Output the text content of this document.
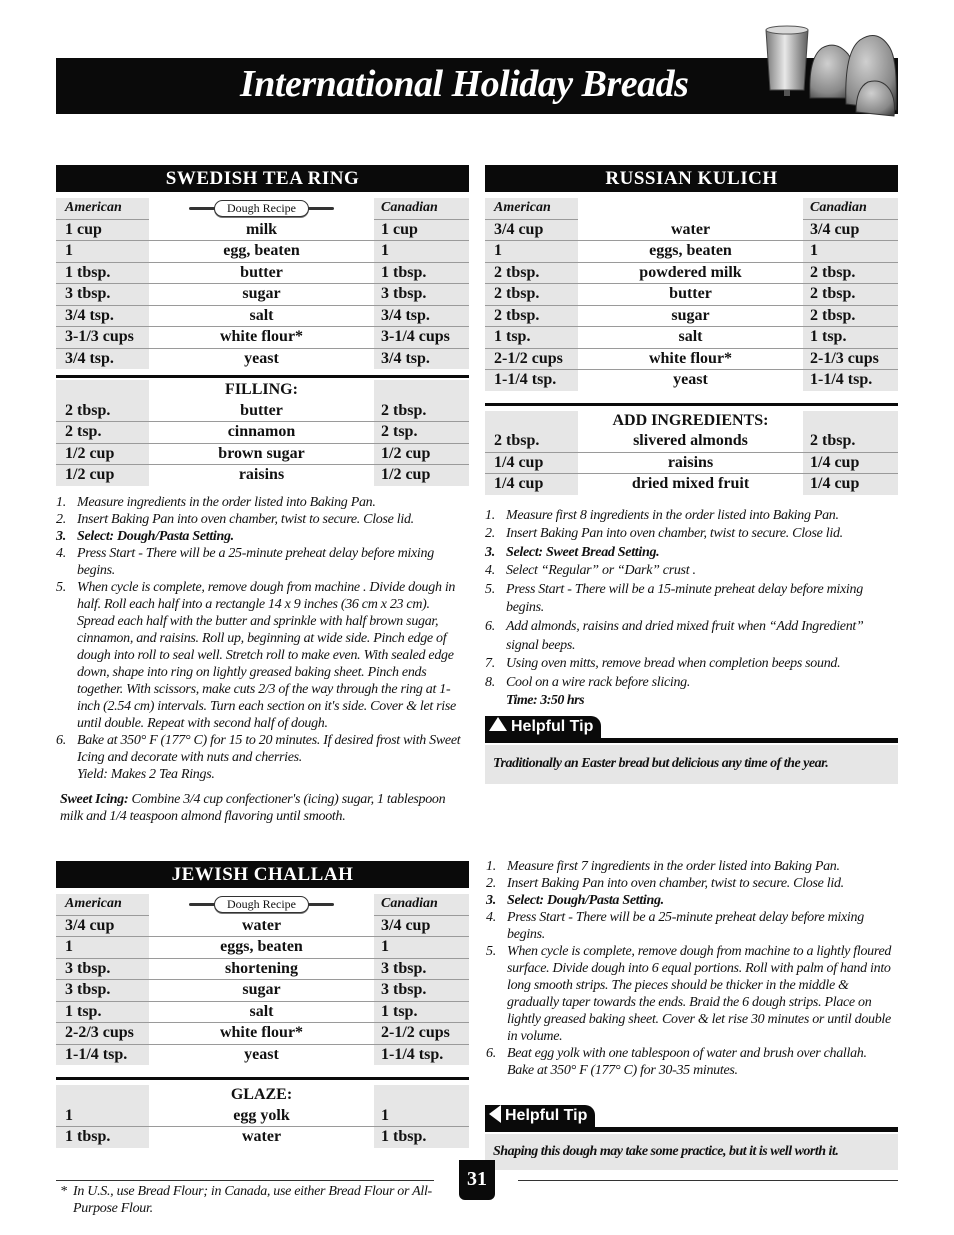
International Holiday Breads
SWEDISH TEA RING
American	Dough Recipe	Canadian
1 cup	milk	1 cup
1	egg, beaten	1
1 tbsp.	butter	1 tbsp.
3 tbsp.	sugar	3 tbsp.
3/4 tsp.	salt	3/4 tsp.
3-1/3 cups	white flour*	3-1/4 cups
3/4 tsp.	yeast	3/4 tsp.
	FILLING:	
2 tbsp.	butter	2 tbsp.
2 tsp.	cinnamon	2 tsp.
1/2 cup	brown sugar	1/2 cup
1/2 cup	raisins	1/2 cup
1. Measure ingredients in the order listed into Baking Pan.
2. Insert Baking Pan into oven chamber, twist to secure. Close lid.
3. Select: Dough/Pasta Setting.
4. Press Start - There will be a 25-minute preheat delay before mixing begins.
5. When cycle is complete, remove dough from machine . Divide dough in half. Roll each half into a rectangle 14 x 9 inches (36 cm x 23 cm). Spread each half with the butter and sprinkle with half brown sugar, cinnamon, and raisins. Roll up, beginning at wide side. Pinch edge of dough into roll to seal well. Stretch roll to make even. With sealed edge down, shape into ring on lightly greased baking sheet. Pinch ends together. With scissors, make cuts 2/3 of the way through the ring at 1-inch (2.54 cm) intervals. Turn each section on it's side. Cover & let rise until double. Repeat with second half of dough.
6. Bake at 350° F (177° C) for 15 to 20 minutes. If desired frost with Sweet Icing and decorate with nuts and cherries.
Yield: Makes 2 Tea Rings.
Sweet Icing: Combine 3/4 cup confectioner's (icing) sugar, 1 tablespoon milk and 1/4 teaspoon almond flavoring until smooth.
RUSSIAN KULICH
American		Canadian
3/4 cup	water	3/4 cup
1	eggs, beaten	1
2 tbsp.	powdered milk	2 tbsp.
2 tbsp.	butter	2 tbsp.
2 tbsp.	sugar	2 tbsp.
1 tsp.	salt	1 tsp.
2-1/2 cups	white flour*	2-1/3 cups
1-1/4 tsp.	yeast	1-1/4 tsp.
	ADD INGREDIENTS:	
2 tbsp.	slivered almonds	2 tbsp.
1/4 cup	raisins	1/4 cup
1/4 cup	dried mixed fruit	1/4 cup
1. Measure first 8 ingredients in the order listed into Baking Pan.
2. Insert Baking Pan into oven chamber, twist to secure. Close lid.
3. Select: Sweet Bread Setting.
4. Select “Regular” or “Dark” crust .
5. Press Start - There will be a 15-minute preheat delay before mixing begins.
6. Add almonds, raisins and dried mixed fruit when “Add Ingredient” signal beeps.
7. Using oven mitts, remove bread when completion beeps sound.
8. Cool on a wire rack before slicing.
Time: 3:50 hrs
Helpful Tip
Traditionally an Easter bread but delicious any time of the year.
JEWISH CHALLAH
American	Dough Recipe	Canadian
3/4 cup	water	3/4 cup
1	eggs, beaten	1
3 tbsp.	shortening	3 tbsp.
3 tbsp.	sugar	3 tbsp.
1 tsp.	salt	1 tsp.
2-2/3 cups	white flour*	2-1/2 cups
1-1/4 tsp.	yeast	1-1/4 tsp.
	GLAZE:	
1	egg yolk	1
1 tbsp.	water	1 tbsp.
1. Measure first 7 ingredients in the order listed into Baking Pan.
2. Insert Baking Pan into oven chamber, twist to secure. Close lid.
3. Select: Dough/Pasta Setting.
4. Press Start - There will be a 25-minute preheat delay before mixing begins.
5. When cycle is complete, remove dough from machine to a lightly floured surface. Divide dough into 6 equal portions. Roll with palm of hand into long smooth strips. The pieces should be thicker in the middle & gradually taper towards the ends. Braid the 6 dough strips. Place on lightly greased baking sheet. Cover & let rise 30 minutes or until double in volume.
6. Beat egg yolk with one tablespoon of water and brush over challah. Bake at 350° F (177° C) for 30-35 minutes.
Helpful Tip
Shaping this dough may take some practice, but it is well worth it.
31
* In U.S., use Bread Flour; in Canada, use either Bread Flour or All-Purpose Flour.
